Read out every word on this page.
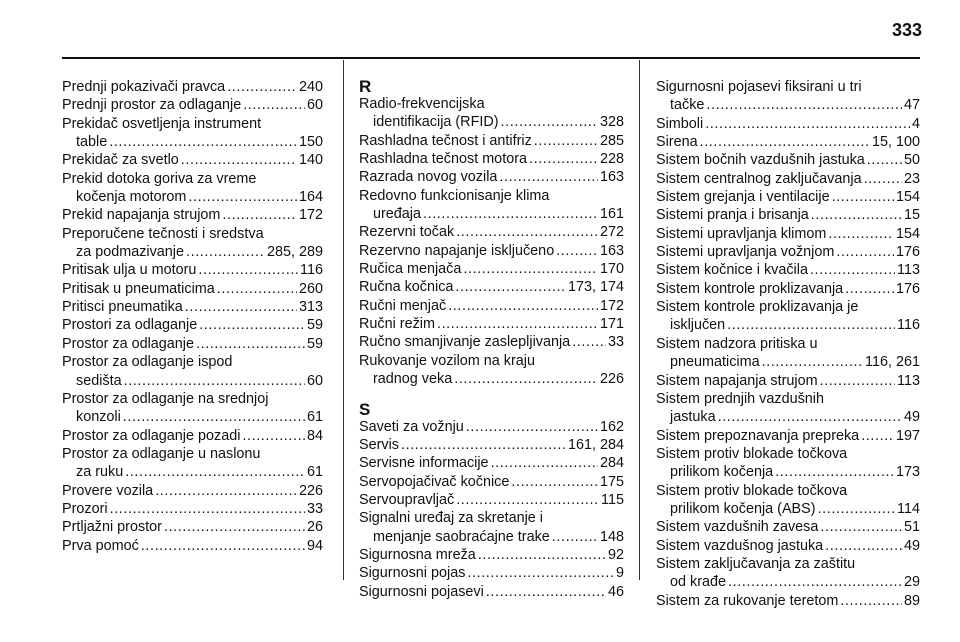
333
Prednji pokazivači pravca .....	240
Prednji prostor za odlaganje .....	60
Prekidač osvetljenja instrument
table .....	150
Prekidač za svetlo .....	140
Prekid dotoka goriva za vreme
kočenja motorom .....	164
Prekid napajanja strujom .....	172
Preporučene tečnosti i sredstva
za podmazivanje .....	285, 289
Pritisak ulja u motoru .....	116
Pritisak u pneumaticima .....	260
Pritisci pneumatika .....	313
Prostori za odlaganje .....	59
Prostor za odlaganje .....	59
Prostor za odlaganje ispod
sedišta .....	60
Prostor za odlaganje na srednjoj
konzoli .....	61
Prostor za odlaganje pozadi .....	84
Prostor za odlaganje u naslonu
za ruku .....	61
Provere vozila .....	226
Prozori .....	33
Prtljažni prostor .....	26
Prva pomoć .....	94
R
Radio-frekvencijska
identifikacija (RFID) .....	328
Rashladna tečnost i antifriz .....	285
Rashladna tečnost motora .....	228
Razrada novog vozila .....	163
Redovno funkcionisanje klima
uređaja .....	161
Rezervni točak .....	272
Rezervno napajanje isključeno .....	163
Ručica menjača .....	170
Ručna kočnica .....	173, 174
Ručni menjač .....	172
Ručni režim .....	171
Ručno smanjivanje zaslepljivanja .....	33
Rukovanje vozilom na kraju
radnog veka .....	226
S
Saveti za vožnju .....	162
Servis .....	161, 284
Servisne informacije .....	284
Servopojačivač kočnice .....	175
Servoupravljač .....	115
Signalni uređaj za skretanje i
menjanje saobraćajne trake .....	148
Sigurnosna mreža .....	92
Sigurnosni pojas .....	9
Sigurnosni pojasevi .....	46
Sigurnosni pojasevi fiksirani u tri
tačke .....	47
Simboli .....	4
Sirena .....	15, 100
Sistem bočnih vazdušnih jastuka .....	50
Sistem centralnog zaključavanja .....	23
Sistem grejanja i ventilacije .....	154
Sistemi pranja i brisanja .....	15
Sistemi upravljanja klimom .....	154
Sistemi upravljanja vožnjom .....	176
Sistem kočnice i kvačila .....	113
Sistem kontrole proklizavanja .....	176
Sistem kontrole proklizavanja je
isključen .....	116
Sistem nadzora pritiska u
pneumaticima .....	116, 261
Sistem napajanja strujom .....	113
Sistem prednjih vazdušnih
jastuka .....	49
Sistem prepoznavanja prepreka .....	197
Sistem protiv blokade točkova
prilikom kočenja .....	173
Sistem protiv blokade točkova
prilikom kočenja (ABS) .....	114
Sistem vazdušnih zavesa .....	51
Sistem vazdušnog jastuka .....	49
Sistem zaključavanja za zaštitu
od krađe .....	29
Sistem za rukovanje teretom .....	89
